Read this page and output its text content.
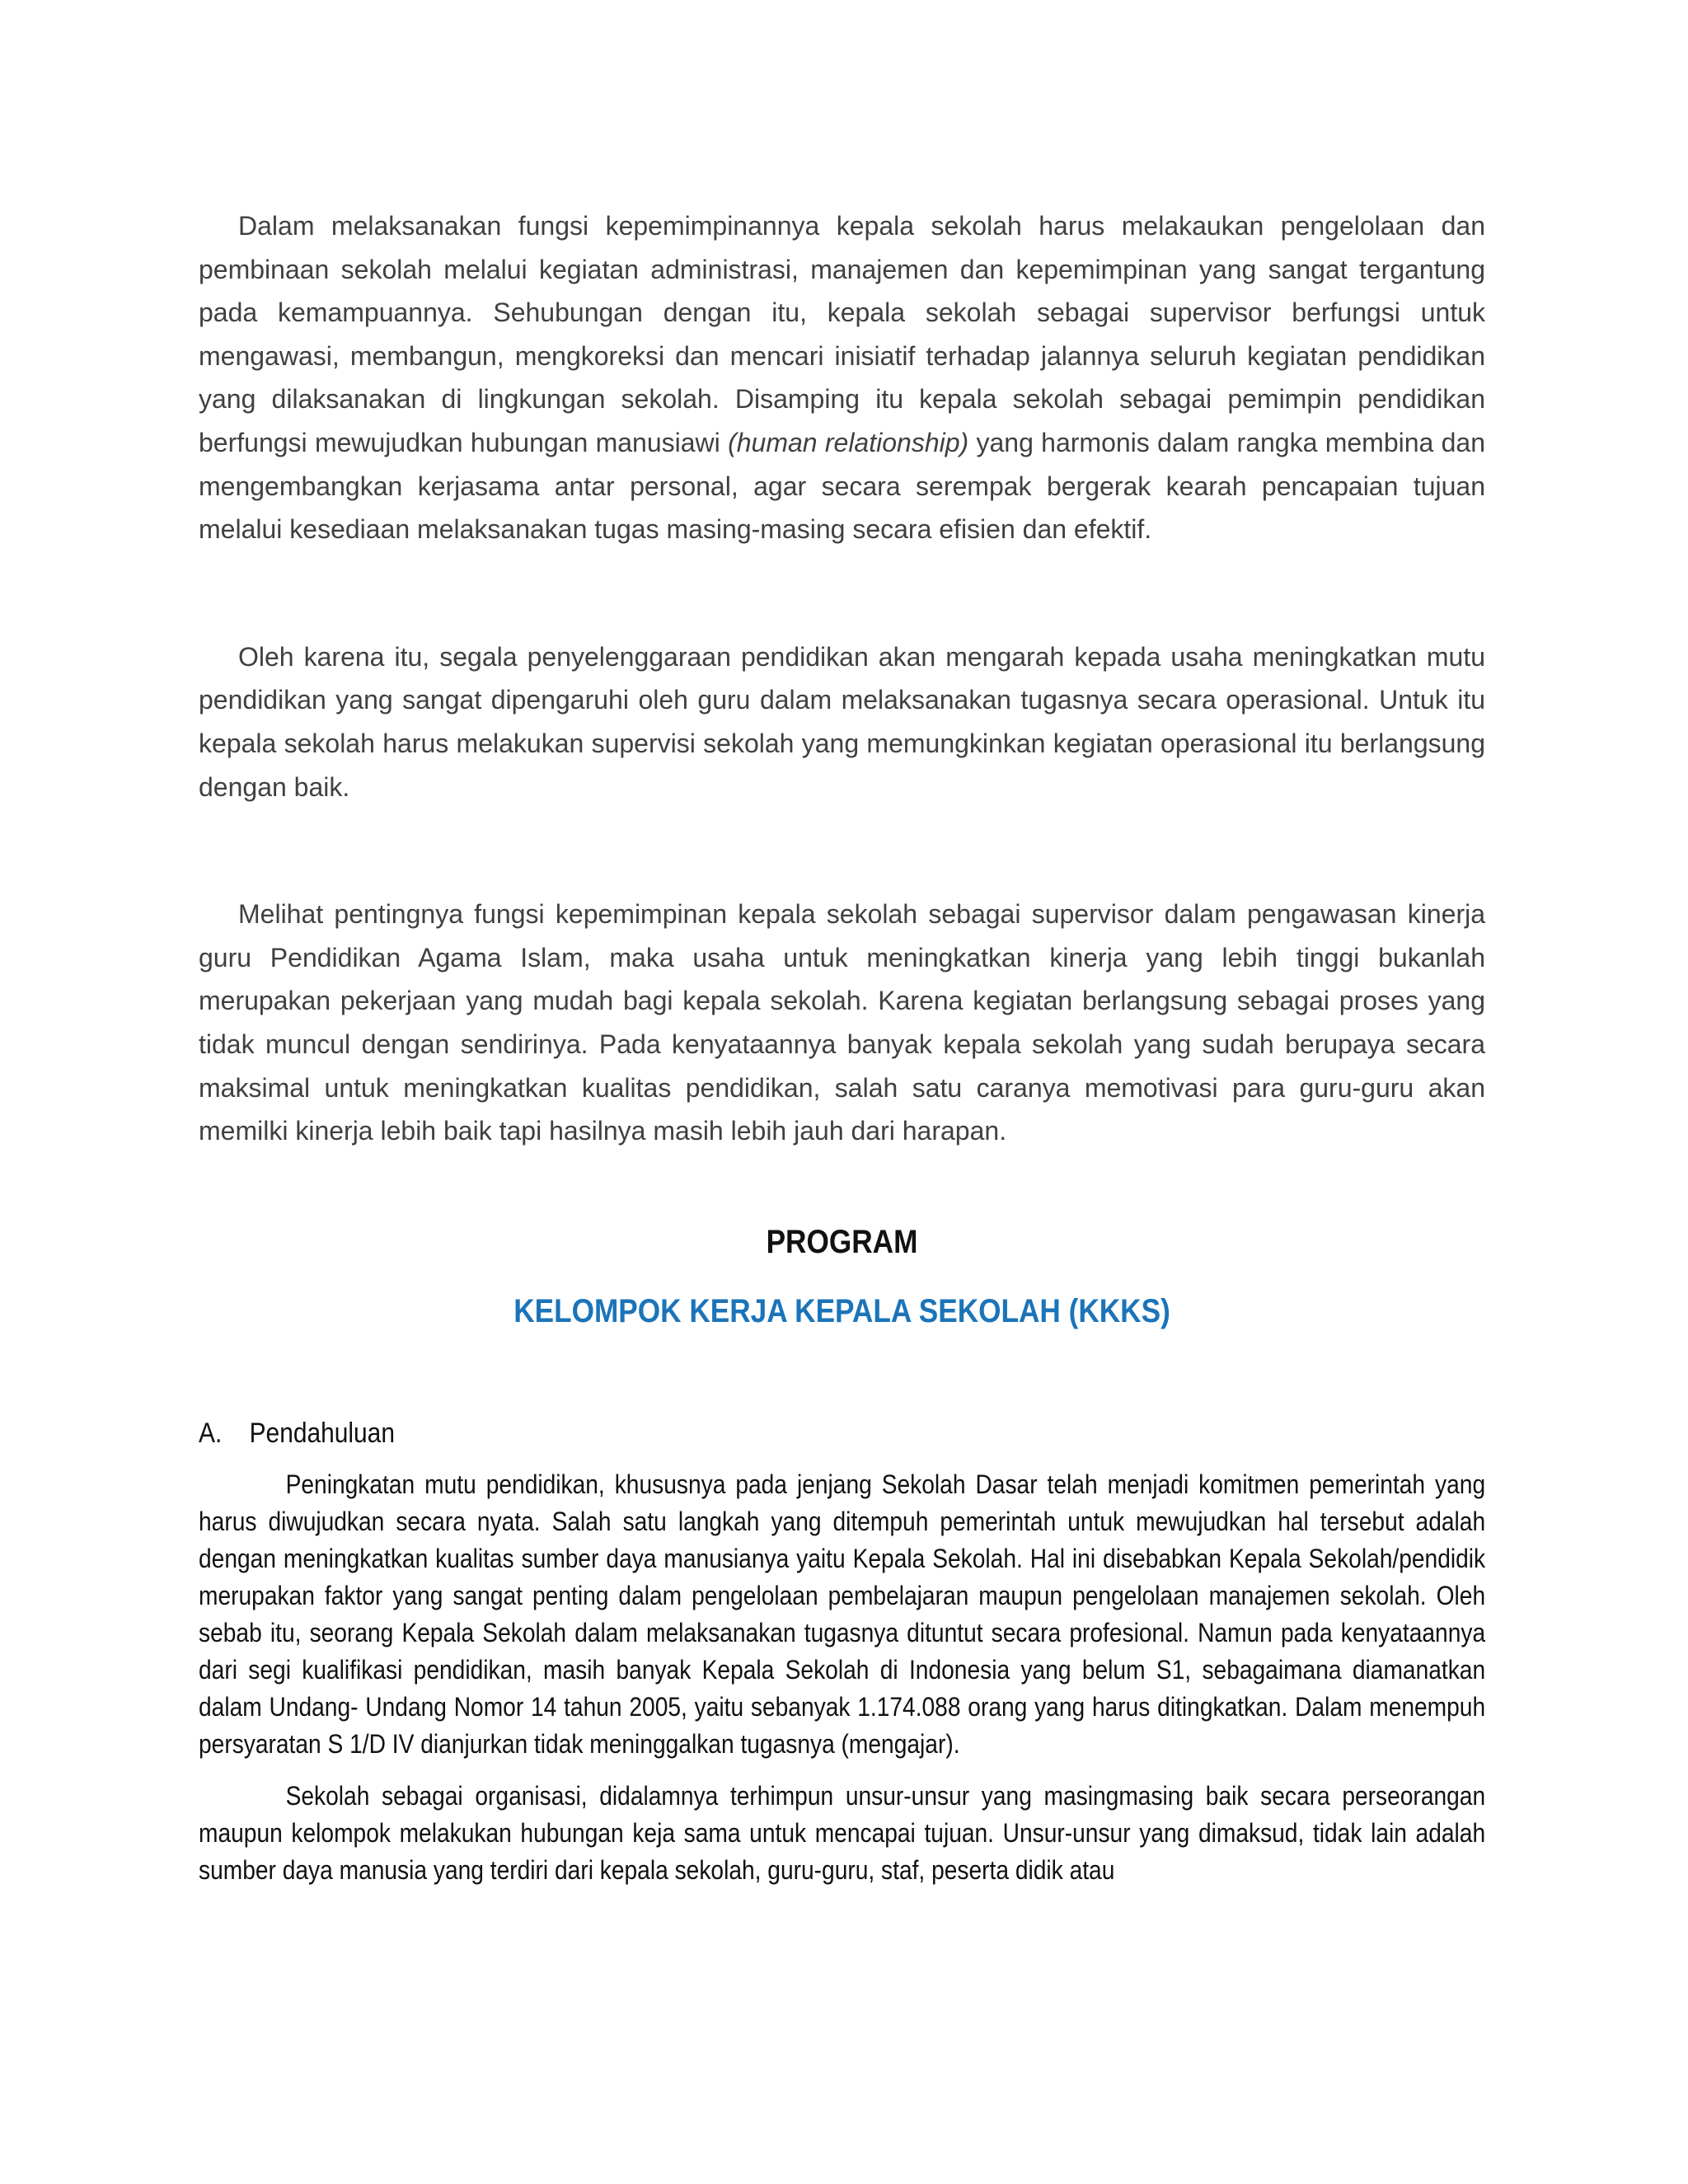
Dalam melaksanakan fungsi kepemimpinannya kepala sekolah harus melakaukan pengelolaan dan pembinaan sekolah melalui kegiatan administrasi, manajemen dan kepemimpinan yang sangat tergantung pada kemampuannya. Sehubungan dengan itu, kepala sekolah sebagai supervisor berfungsi untuk mengawasi, membangun, mengkoreksi dan mencari inisiatif terhadap jalannya seluruh kegiatan pendidikan yang dilaksanakan di lingkungan sekolah. Disamping itu kepala sekolah sebagai pemimpin pendidikan berfungsi mewujudkan hubungan manusiawi (human relationship) yang harmonis dalam rangka membina dan mengembangkan kerjasama antar personal, agar secara serempak bergerak kearah pencapaian tujuan melalui kesediaan melaksanakan tugas masing-masing secara efisien dan efektif.

Oleh karena itu, segala penyelenggaraan pendidikan akan mengarah kepada usaha meningkatkan mutu pendidikan yang sangat dipengaruhi oleh guru dalam melaksanakan tugasnya secara operasional. Untuk itu kepala sekolah harus melakukan supervisi sekolah yang memungkinkan kegiatan operasional itu berlangsung dengan baik.

Melihat pentingnya fungsi kepemimpinan kepala sekolah sebagai supervisor dalam pengawasan kinerja guru Pendidikan Agama Islam, maka usaha untuk meningkatkan kinerja yang lebih tinggi bukanlah merupakan pekerjaan yang mudah bagi kepala sekolah. Karena kegiatan berlangsung sebagai proses yang tidak muncul dengan sendirinya. Pada kenyataannya banyak kepala sekolah yang sudah berupaya secara maksimal untuk meningkatkan kualitas pendidikan, salah satu caranya memotivasi para guru-guru akan memilki kinerja lebih baik tapi hasilnya masih lebih jauh dari harapan.

PROGRAM
KELOMPOK KERJA KEPALA SEKOLAH (KKKS)
A. Pendahuluan

Peningkatan mutu pendidikan, khususnya pada jenjang Sekolah Dasar telah menjadi komitmen pemerintah yang harus diwujudkan secara nyata. Salah satu langkah yang ditempuh pemerintah untuk mewujudkan hal tersebut adalah dengan meningkatkan kualitas sumber daya manusianya yaitu Kepala Sekolah. Hal ini disebabkan Kepala Sekolah/pendidik merupakan faktor yang sangat penting dalam pengelolaan pembelajaran maupun pengelolaan manajemen sekolah. Oleh sebab itu, seorang Kepala Sekolah dalam melaksanakan tugasnya dituntut secara profesional. Namun pada kenyataannya dari segi kualifikasi pendidikan, masih banyak Kepala Sekolah di Indonesia yang belum S1, sebagaimana diamanatkan dalam Undang- Undang Nomor 14 tahun 2005, yaitu sebanyak 1.174.088 orang yang harus ditingkatkan. Dalam menempuh persyaratan S 1/D IV dianjurkan tidak meninggalkan tugasnya (mengajar).

Sekolah sebagai organisasi, didalamnya terhimpun unsur-unsur yang masingmasing baik secara perseorangan maupun kelompok melakukan hubungan keja sama untuk mencapai tujuan. Unsur-unsur yang dimaksud, tidak lain adalah sumber daya manusia yang terdiri dari kepala sekolah, guru-guru, staf, peserta didik atau
